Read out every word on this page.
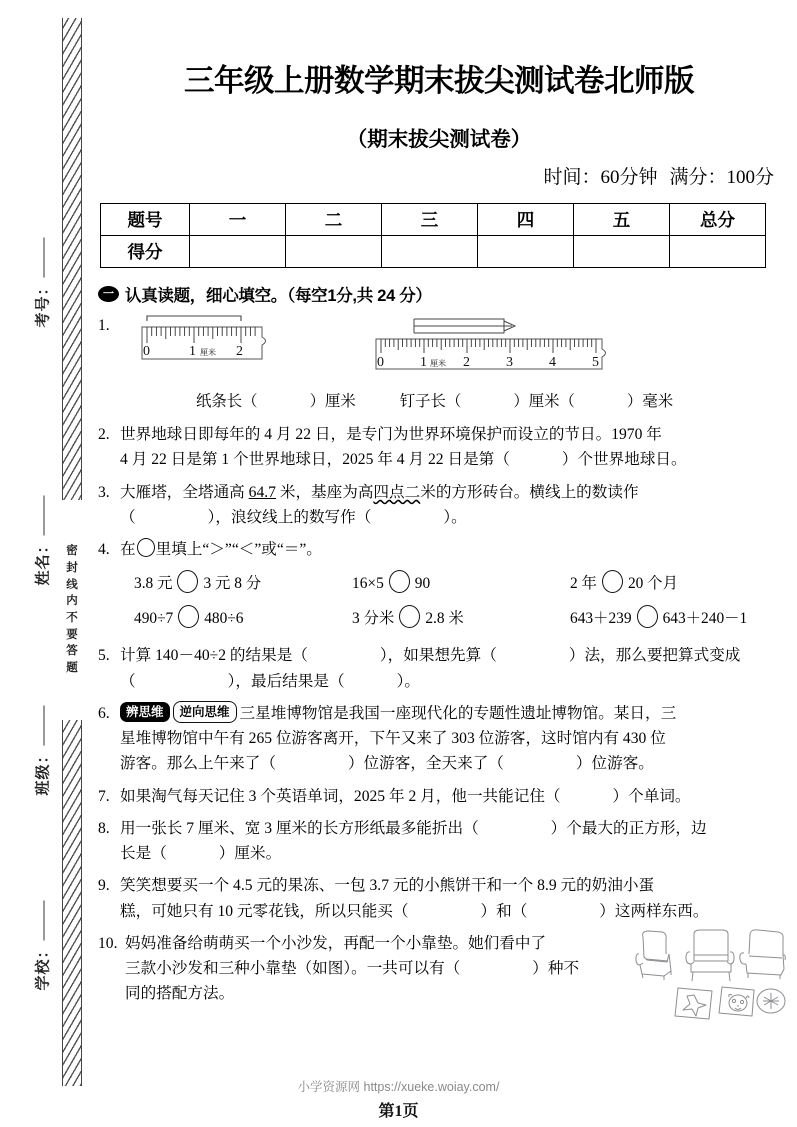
密
封
线
内
不
要
答
题
考号：
姓名：
班级：
学校：
三年级上册数学期末拔尖测试卷北师版
（期末拔尖测试卷）
时间：60分钟 满分：100分
题号	一	二	三	四	五	总分
得分						
一 认真读题，细心填空。（每空1分,共 24 分）
1.
0	1 厘米 2
0	1 厘米 2	3	4	5
纸条长（	）厘米	钉子长（	）厘米（	）毫米
2. 世界地球日即每年的 4 月 22 日，是专门为世界环境保护而设立的节日。1970 年
4 月 22 日是第 1 个世界地球日，2025 年 4 月 22 日是第（	）个世界地球日。
3. 大雁塔，全塔通高 64.7 米，基座为高四点二米的方形砖台。横线上的数读作
（	），浪纹线上的数写作（	）。
4. 在 里填上“＞”“＜”或“＝”。
3.8 元 3 元 8 分	16×5 90	2 年 20 个月
490÷7 480÷6	3 分米 2.8 米	643＋239 643＋240－1
5. 计算 140－40÷2 的结果是（	），如果想先算（	）法，那么要把算式变成
（	），最后结果是（	）。
6.	辨思维 逆向思维 三星堆博物馆是我国一座现代化的专题性遗址博物馆。某日，三
星堆博物馆中午有 265 位游客离开，下午又来了 303 位游客，这时馆内有 430 位
游客。那么上午来了（	）位游客，全天来了（	）位游客。
7. 如果淘气每天记住 3 个英语单词，2025 年 2 月，他一共能记住（	）个单词。
8. 用一张长 7 厘米、宽 3 厘米的长方形纸最多能折出（	）个最大的正方形，边
长是（	）厘米。
9. 笑笑想要买一个 4.5 元的果冻、一包 3.7 元的小熊饼干和一个 8.9 元的奶油小蛋
糕，可她只有 10 元零花钱，所以只能买（	）和（	）这两样东西。
10. 妈妈准备给萌萌买一个小沙发，再配一个小靠垫。她们看中了
三款小沙发和三种小靠垫（如图）。一共可以有（	）种不
同的搭配方法。
小学资源网 https://xueke.woiay.com/
第1页
